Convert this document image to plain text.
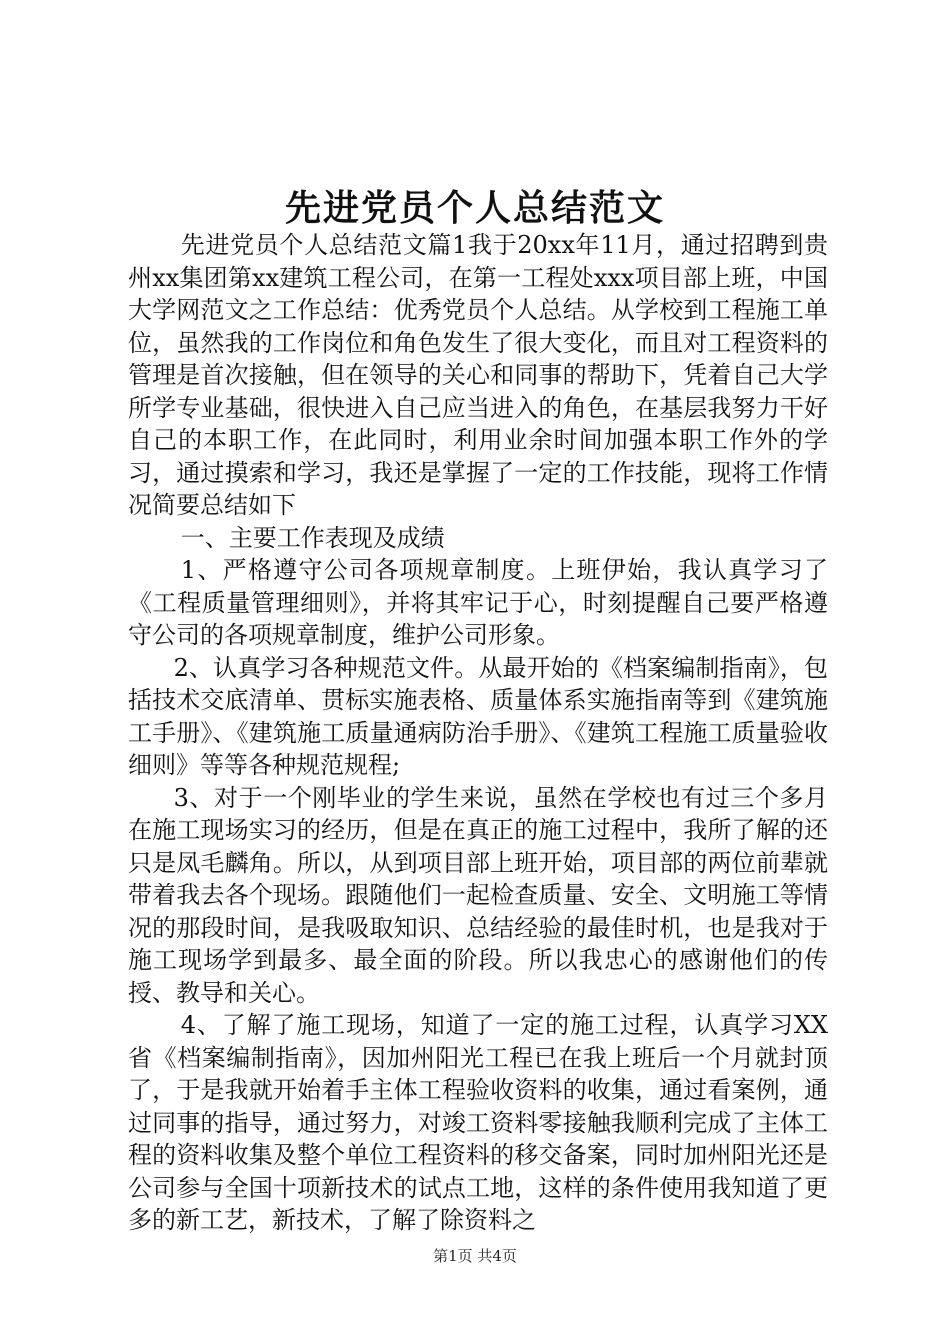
先进党员个人总结范文

先进党员个人总结范文篇1我于20xx年11月，通过招聘到贵州xx集团第xx建筑工程公司，在第一工程处xxx项目部上班，中国大学网范文之工作总结：优秀党员个人总结。从学校到工程施工单位，虽然我的工作岗位和角色发生了很大变化，而且对工程资料的管理是首次接触，但在领导的关心和同事的帮助下，凭着自己大学所学专业基础，很快进入自己应当进入的角色，在基层我努力干好自己的本职工作，在此同时，利用业余时间加强本职工作外的学习，通过摸索和学习，我还是掌握了一定的工作技能，现将工作情况简要总结如下

一、主要工作表现及成绩

1、严格遵守公司各项规章制度。上班伊始，我认真学习了《工程质量管理细则》，并将其牢记于心，时刻提醒自己要严格遵守公司的各项规章制度，维护公司形象。

2、认真学习各种规范文件。从最开始的《档案编制指南》，包括技术交底清单、贯标实施表格、质量体系实施指南等到《建筑施工手册》、《建筑施工质量通病防治手册》、《建筑工程施工质量验收细则》等等各种规范规程;

3、对于一个刚毕业的学生来说，虽然在学校也有过三个多月在施工现场实习的经历，但是在真正的施工过程中，我所了解的还只是凤毛麟角。所以，从到项目部上班开始，项目部的两位前辈就带着我去各个现场。跟随他们一起检查质量、安全、文明施工等情况的那段时间，是我吸取知识、总结经验的最佳时机，也是我对于施工现场学到最多、最全面的阶段。所以我忠心的感谢他们的传授、教导和关心。

4、了解了施工现场，知道了一定的施工过程，认真学习XX省《档案编制指南》，因加州阳光工程已在我上班后一个月就封顶了，于是我就开始着手主体工程验收资料的收集，通过看案例，通过同事的指导，通过努力，对竣工资料零接触我顺利完成了主体工程的资料收集及整个单位工程资料的移交备案，同时加州阳光还是公司参与全国十项新技术的试点工地，这样的条件使用我知道了更多的新工艺，新技术，了解了除资料之

第1页 共4页
